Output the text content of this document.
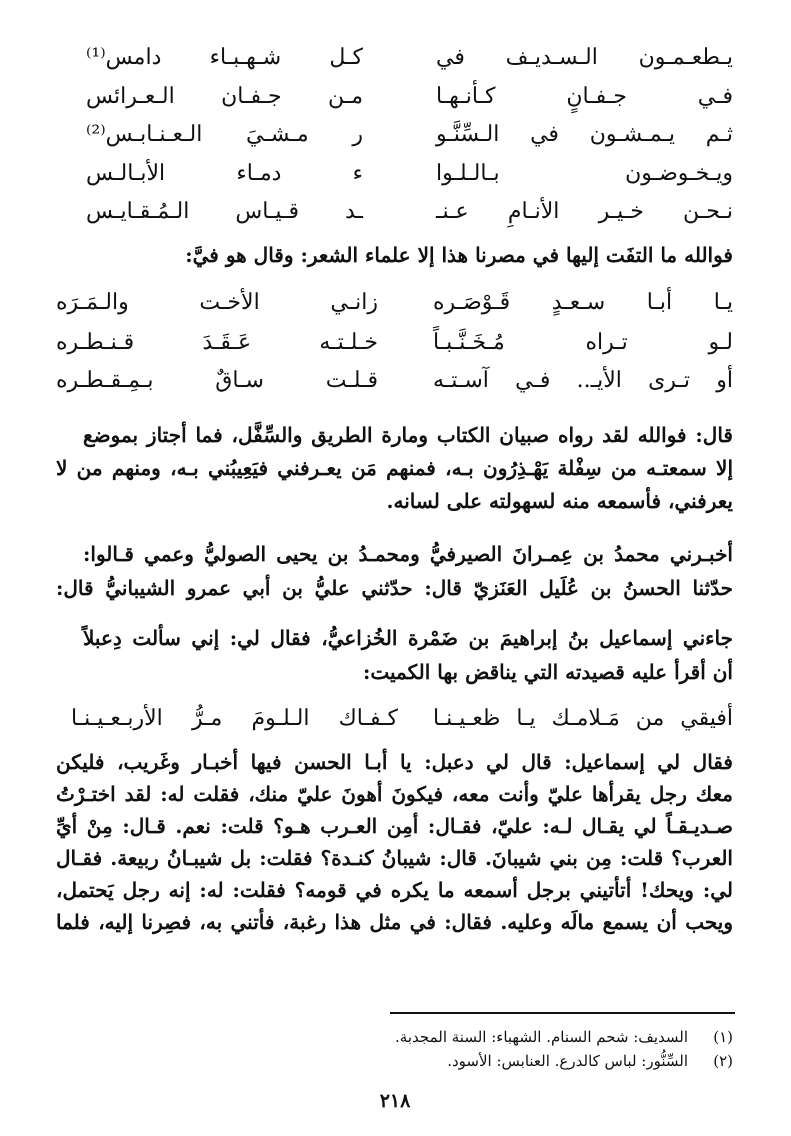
يـطعـمـون الـسـديـف في
كـل شـهـبـاء دامس⁽¹⁾
فـي جـفـانٍ كـأنـهـا
مـن جـفـان الـعـرائس
ثـم يـمـشـون في الـسِّنَّـو
ر مـشـيَ الـعـنـابـس⁽²⁾
ويـخـوضـون بـالـلـوا
ء دمـاء الأبـالـس
نـحـن خـيـر الأنـامِ عـنـ
ـد قـيـاس الـمُـقـايـس
فوالله ما التفَت إليها في مصرنا هذا إلا علماء الشعر: وقال هو فيَّ:
يـا أبـا سـعـدٍ قَـوْصَـره
زانـي الأخـت والـمَـرَه
لـو تـراه مُـخَـنَّـبـاً
خـلـتـه عَـقَـدَ قـنـطـره
أو تـرى الأيـ.. فـي آسـتـه
قـلـت سـاقٌ بـمِـقـطـره
قال: فوالله لقد رواه صبيان الكتاب ومارة الطريق والسِّفَّل، فما أجتاز بموضع
إلا سمعتـه من سِفْلة يَهْـذِرُون بـه، فمنهم مَن يعـرفني فيَعِيبُني بـه، ومنهم من لا
يعرفني، فأسمعه منه لسهولته على لسانه.
أخبـرني محمدُ بن عِمـرانَ الصيرفيُّ ومحمـدُ بن يحيى الصوليُّ وعمي قـالوا:
حدّثنا الحسنُ بن عُلَيل العَنَزيّ قال: حدّثني عليُّ بن أبي عمرو الشيبانيُّ قال:
جاءني إسماعيل بنُ إبراهيمَ بن ضَمْرة الخُزاعيُّ، فقال لي: إني سألت دِعبلاً
أن أقرأ عليه قصيدته التي يناقض بها الكميت:
أفيقي من مَـلامـك يـا ظعـيـنـا
كـفـاك الـلـومَ مـرُّ الأربـعـيـنـا
فقال لي إسماعيل: قال لي دعبل: يا أبـا الحسن فيها أخبـار وغَريب، فليكن
معك رجل يقرأها عليّ وأنت معه، فيكونَ أهونَ عليّ منك، فقلت له: لقد اختـرْتُ
صـديـقـاً لي يقـال لـه: عليّ، فقـال: أمِن العـرب هـو؟ قلت: نعم. قـال: مِنْ أيِّ
العرب؟ قلت: مِن بني شيبانَ. قال: شيبانُ كنـدة؟ فقلت: بل شيبـانُ ربيعة. فقـال
لي: ويحك! أتأتيني برجل أسمعه ما يكره في قومه؟ فقلت: له: إنه رجل يَحتمل،
ويحب أن يسمع مالَه وعليه. فقال: في مثل هذا رغبة، فأتني به، فصِرنا إليه، فلما
(١)
السديف: شحم السنام. الشهباء: السنة المجدبة.
(٢)
السِّنُّور: لباس كالدرع. العنابس: الأسود.
٢١٨
